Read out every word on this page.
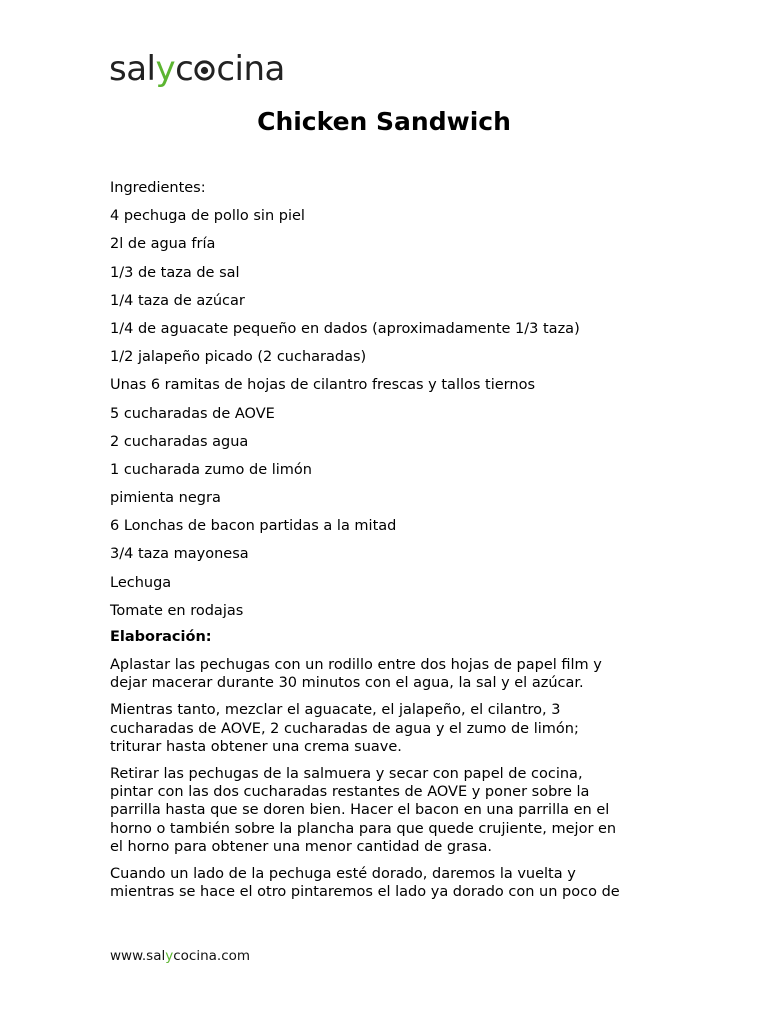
salyc cina
Chicken Sandwich
Ingredientes:
4 pechuga de pollo sin piel
2l de agua fría
1/3 de taza de sal
1/4 taza de azúcar
1/4 de aguacate pequeño en dados (aproximadamente 1/3 taza)
1/2 jalapeño picado (2 cucharadas)
Unas 6 ramitas de hojas de cilantro frescas y tallos tiernos
5 cucharadas de AOVE
2 cucharadas agua
1 cucharada zumo de limón
pimienta negra
6 Lonchas de bacon partidas a la mitad
3/4 taza mayonesa
Lechuga
Tomate en rodajas
Elaboración:

Aplastar las pechugas con un rodillo entre dos hojas de papel film y
dejar macerar durante 30 minutos con el agua, la sal y el azúcar.

Mientras tanto, mezclar el aguacate, el jalapeño, el cilantro, 3
cucharadas de AOVE, 2 cucharadas de agua y el zumo de limón;
triturar hasta obtener una crema suave.

Retirar las pechugas de la salmuera y secar con papel de cocina,
pintar con las dos cucharadas restantes de AOVE y poner sobre la
parrilla hasta que se doren bien. Hacer el bacon en una parrilla en el
horno o también sobre la plancha para que quede crujiente, mejor en
el horno para obtener una menor cantidad de grasa.

Cuando un lado de la pechuga esté dorado, daremos la vuelta y
mientras se hace el otro pintaremos el lado ya dorado con un poco de

www.salycocina.com
